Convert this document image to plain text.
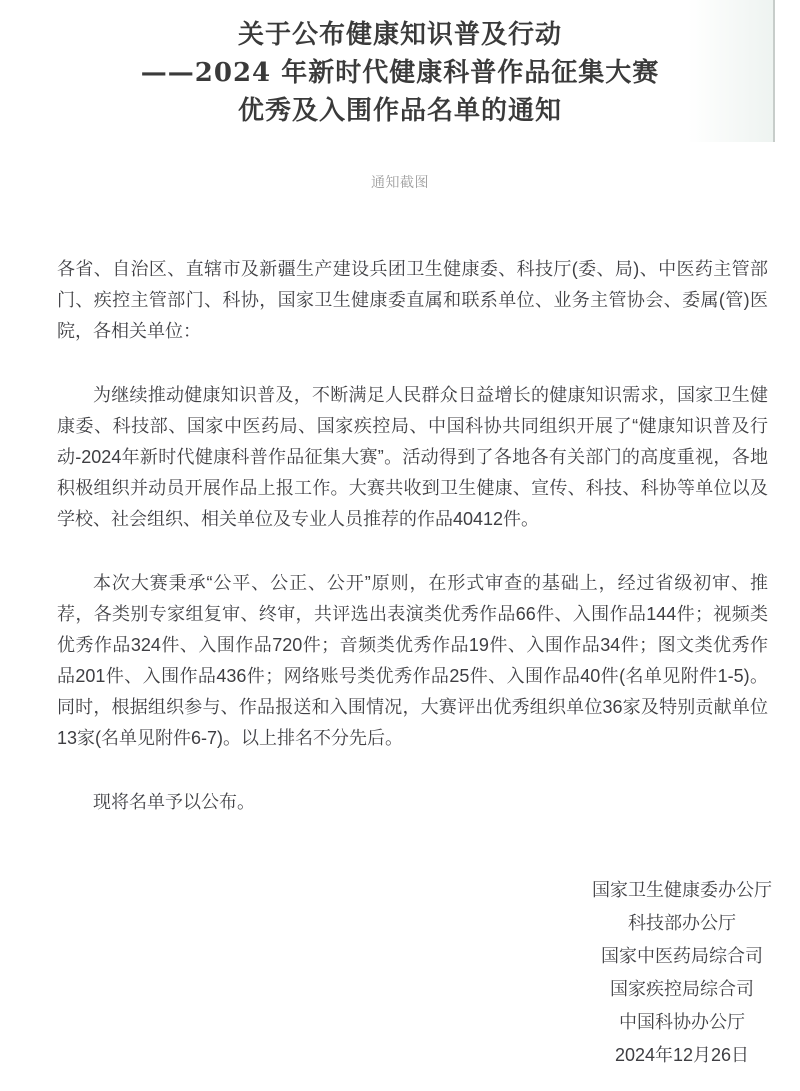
关于公布健康知识普及行动
——2024 年新时代健康科普作品征集大赛
优秀及入围作品名单的通知
通知截图

各省、自治区、直辖市及新疆生产建设兵团卫生健康委、科技厅(委、局)、中医药主管部门、疾控主管部门、科协，国家卫生健康委直属和联系单位、业务主管协会、委属(管)医院，各相关单位：

为继续推动健康知识普及，不断满足人民群众日益增长的健康知识需求，国家卫生健康委、科技部、国家中医药局、国家疾控局、中国科协共同组织开展了“健康知识普及行动-2024年新时代健康科普作品征集大赛”。活动得到了各地各有关部门的高度重视，各地积极组织并动员开展作品上报工作。大赛共收到卫生健康、宣传、科技、科协等单位以及学校、社会组织、相关单位及专业人员推荐的作品40412件。

本次大赛秉承“公平、公正、公开”原则，在形式审查的基础上，经过省级初审、推荐，各类别专家组复审、终审，共评选出表演类优秀作品66件、入围作品144件；视频类优秀作品324件、入围作品720件；音频类优秀作品19件、入围作品34件；图文类优秀作品201件、入围作品436件；网络账号类优秀作品25件、入围作品40件(名单见附件1-5)。同时，根据组织参与、作品报送和入围情况，大赛评出优秀组织单位36家及特别贡献单位13家(名单见附件6-7)。以上排名不分先后。

现将名单予以公布。

国家卫生健康委办公厅
科技部办公厅
国家中医药局综合司
国家疾控局综合司
中国科协办公厅
2024年12月26日
